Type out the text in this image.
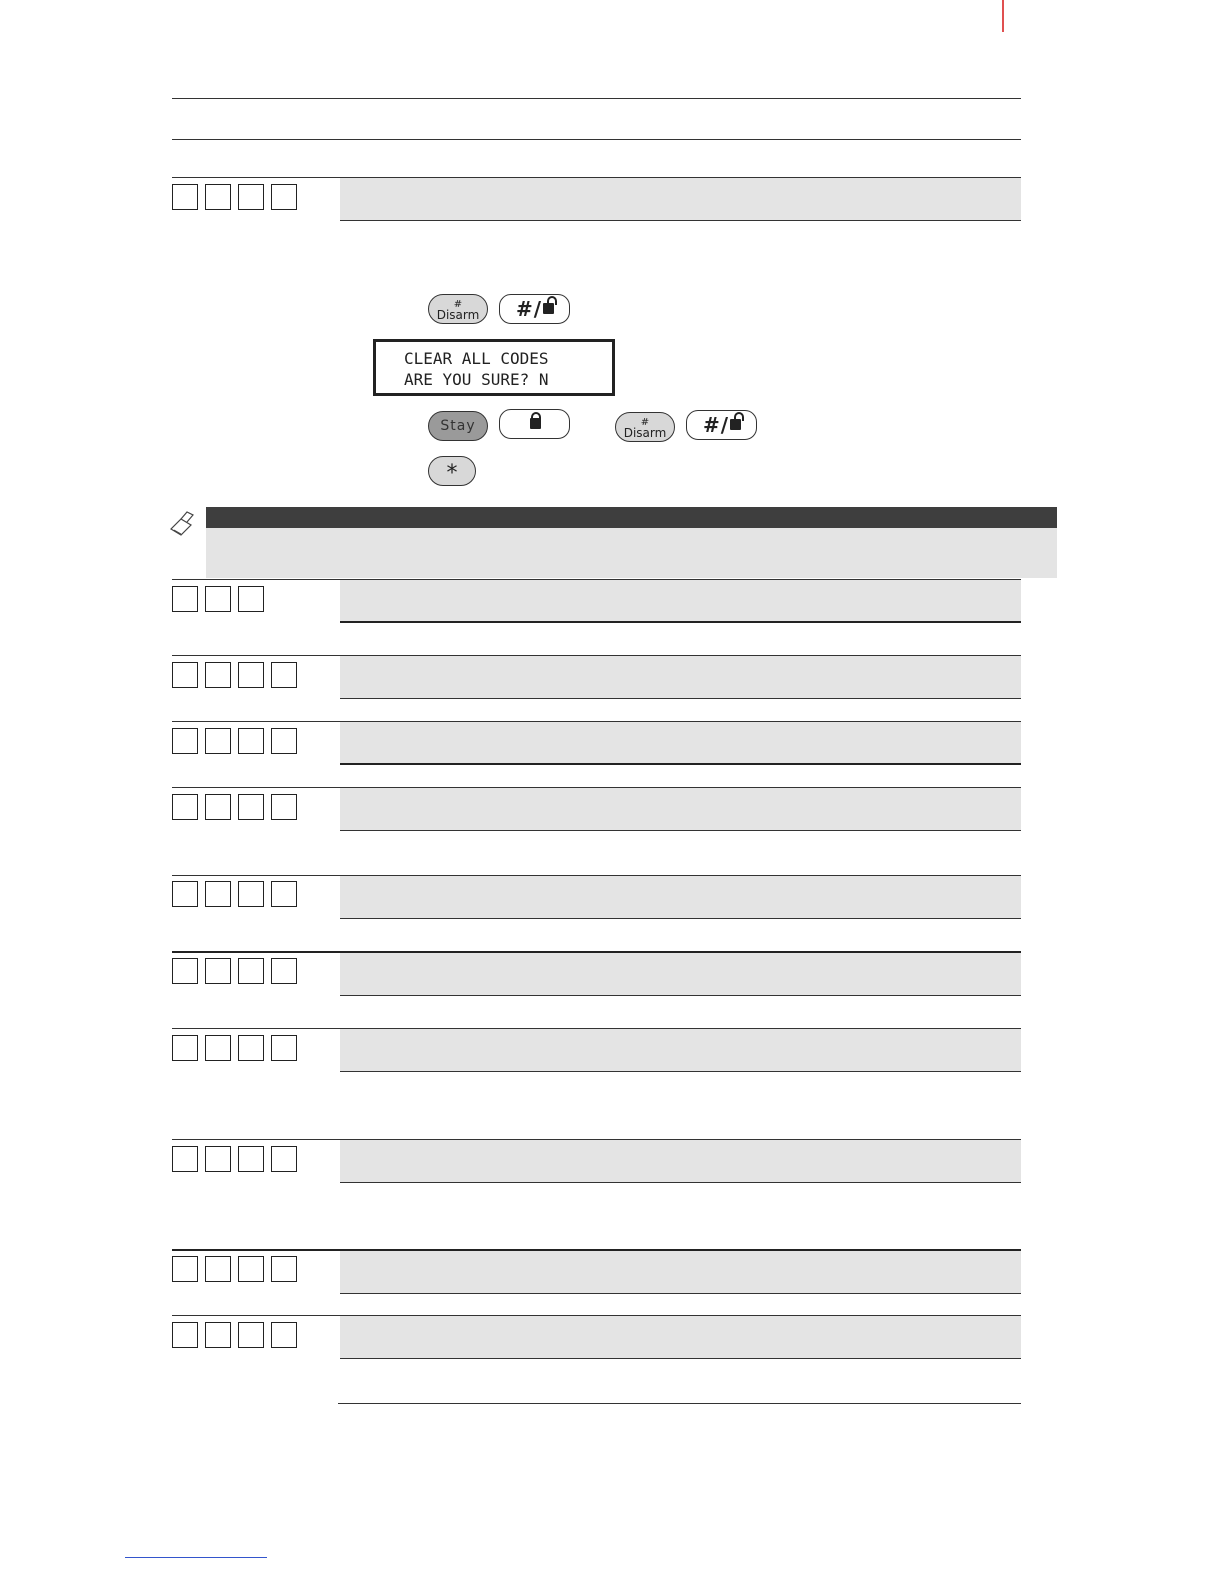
#
Disarm #/
CLEAR ALL CODES
ARE YOU SURE? N
Stay	#
Disarm #/
*
